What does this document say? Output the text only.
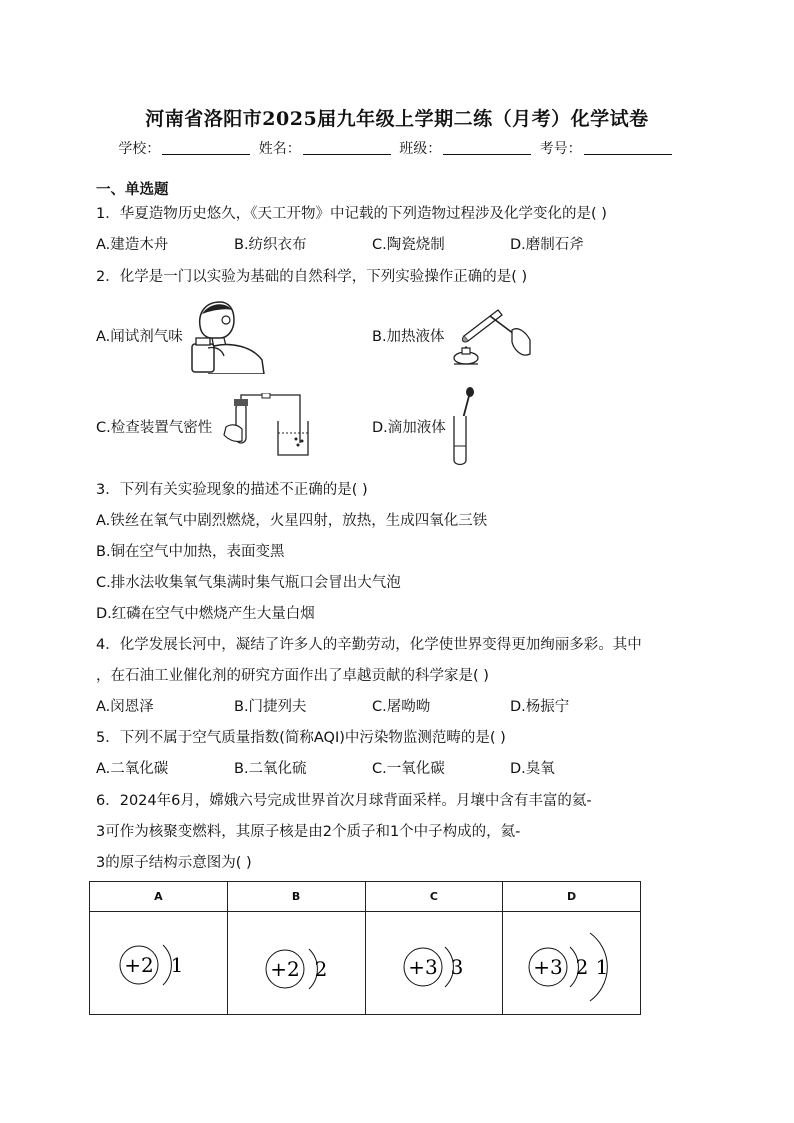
河南省洛阳市2025届九年级上学期二练（月考）化学试卷
学校：	姓名：	班级：	考号：
一、单选题
1．华夏造物历史悠久，《天工开物》中记载的下列造物过程涉及化学变化的是( )
A.建造木舟	B.纺织衣布	C.陶瓷烧制	D.磨制石斧
2．化学是一门以实验为基础的自然科学，下列实验操作正确的是( )
A.闻试剂气味	B.加热液体
C.检查装置气密性	D.滴加液体
3．下列有关实验现象的描述不正确的是( )
A.铁丝在氧气中剧烈燃烧，火星四射，放热，生成四氧化三铁
B.铜在空气中加热，表面变黑
C.排水法收集氧气集满时集气瓶口会冒出大气泡
D.红磷在空气中燃烧产生大量白烟
4．化学发展长河中，凝结了许多人的辛勤劳动，化学使世界变得更加绚丽多彩。其中
，在石油工业催化剂的研究方面作出了卓越贡献的科学家是( )
A.闵恩泽	B.门捷列夫	C.屠呦呦	D.杨振宁
5．下列不属于空气质量指数(简称AQI)中污染物监测范畴的是( )
A.二氧化碳	B.二氧化硫	C.一氧化碳	D.臭氧
6．2024年6月，嫦娥六号完成世界首次月球背面采样。月壤中含有丰富的氦-
3可作为核聚变燃料，其原子核是由2个质子和1个中子构成的，氦-
3的原子结构示意图为( )
A	B	C	D

+2 1	+2 2	+3 3	+3 2 1
